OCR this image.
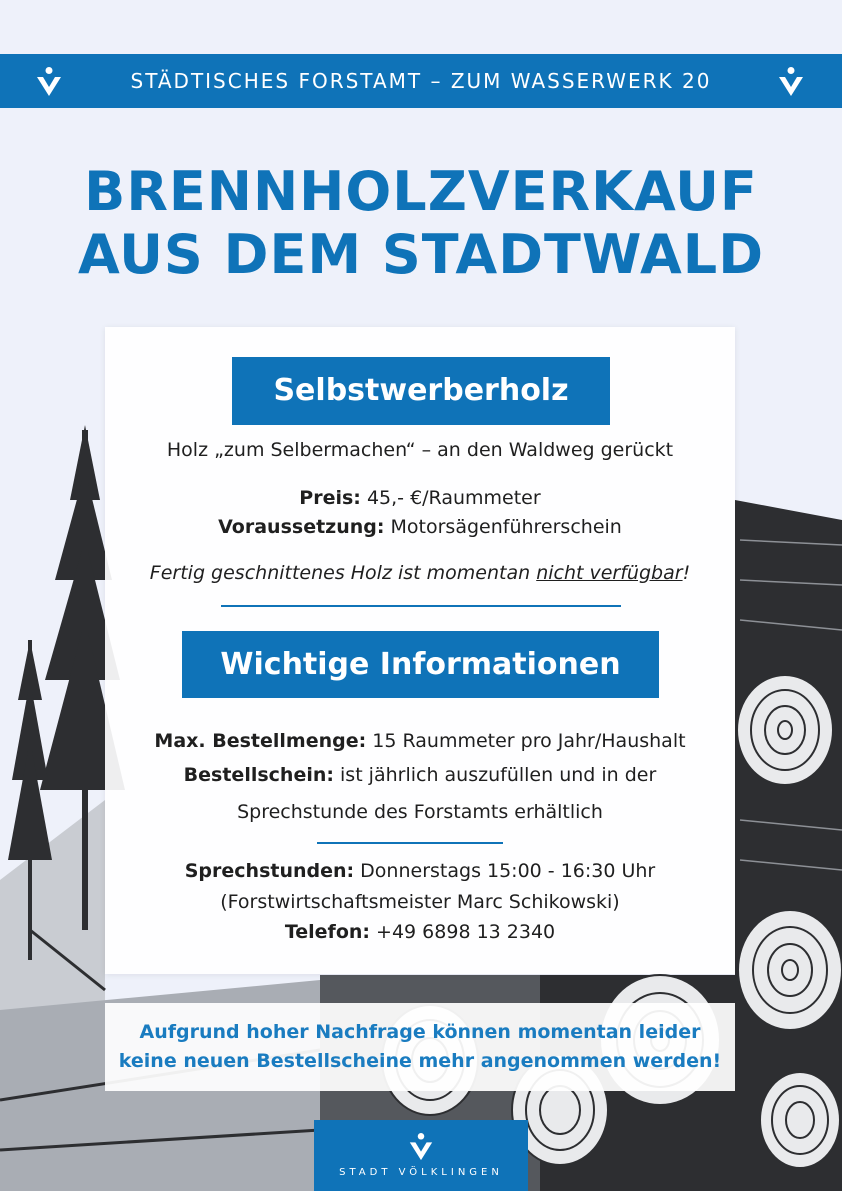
STÄDTISCHES FORSTAMT – ZUM WASSERWERK 20
BRENNHOLZVERKAUF
AUS DEM STADTWALD
Selbstwerberholz
Holz „zum Selbermachen“ – an den Waldweg gerückt
Preis: 45,- €/Raummeter
Voraussetzung: Motorsägenführerschein
Fertig geschnittenes Holz ist momentan nicht verfügbar!
Wichtige Informationen
Max. Bestellmenge: 15 Raummeter pro Jahr/Haushalt
Bestellschein: ist jährlich auszufüllen und in der
Sprechstunde des Forstamts erhältlich
Sprechstunden: Donnerstags 15:00 - 16:30 Uhr
(Forstwirtschaftsmeister Marc Schikowski)
Telefon: +49 6898 13 2340
Aufgrund hoher Nachfrage können momentan leider
keine neuen Bestellscheine mehr angenommen werden!
STADT VÖLKLINGEN
